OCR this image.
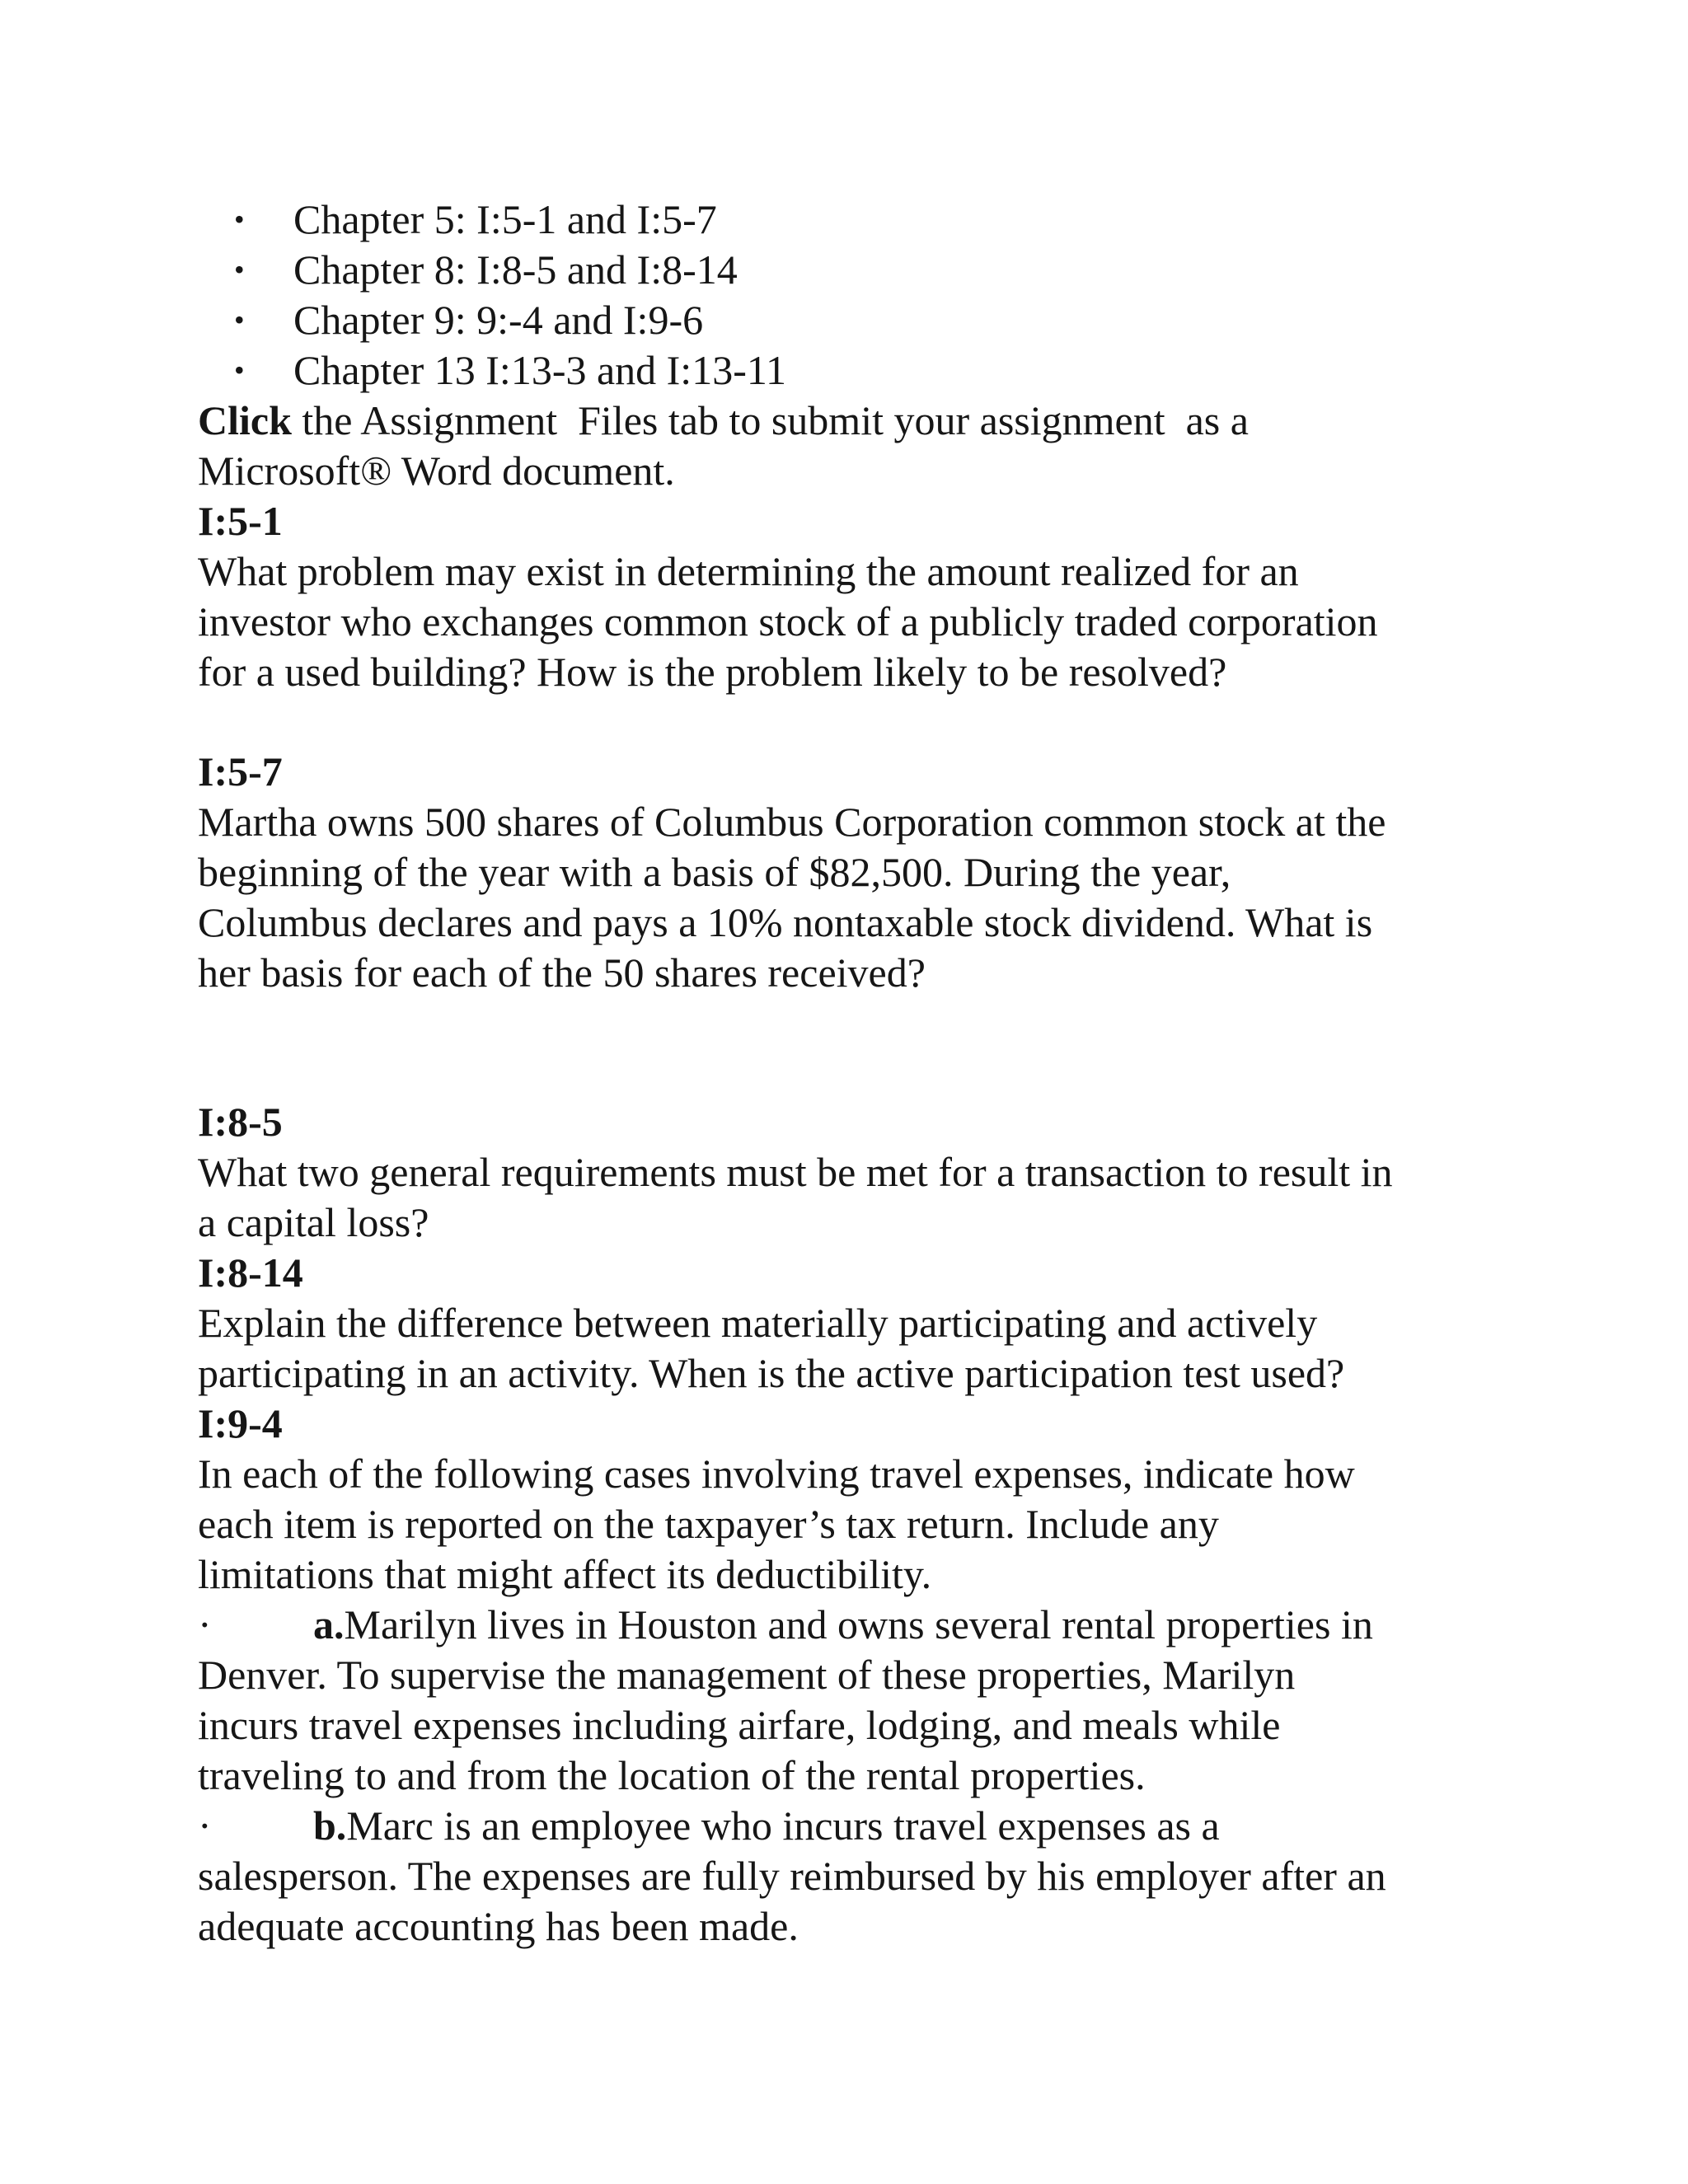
• Chapter 5: I:5-1 and I:5-7
• Chapter 8: I:8-5 and I:8-14
• Chapter 9: 9:-4 and I:9-6
• Chapter 13 I:13-3 and I:13-11

Click the Assignment  Files tab to submit your assignment  as a

Microsoft® Word document.

I:5-1

What problem may exist in determining the amount realized for an

investor who exchanges common stock of a publicly traded corporation

for a used building? How is the problem likely to be resolved?

I:5-7

Martha owns 500 shares of Columbus Corporation common stock at the

beginning of the year with a basis of $82,500. During the year,

Columbus declares and pays a 10% nontaxable stock dividend. What is

her basis for each of the 50 shares received?

I:8-5

What two general requirements must be met for a transaction to result in

a capital loss?

I:8-14

Explain the difference between materially participating and actively

participating in an activity. When is the active participation test used?

I:9-4

In each of the following cases involving travel expenses, indicate how

each item is reported on the taxpayer’s tax return. Include any

limitations that might affect its deductibility.

· a.Marilyn lives in Houston and owns several rental properties in

Denver. To supervise the management of these properties, Marilyn

incurs travel expenses including airfare, lodging, and meals while

traveling to and from the location of the rental properties.

· b.Marc is an employee who incurs travel expenses as a

salesperson. The expenses are fully reimbursed by his employer after an

adequate accounting has been made.
